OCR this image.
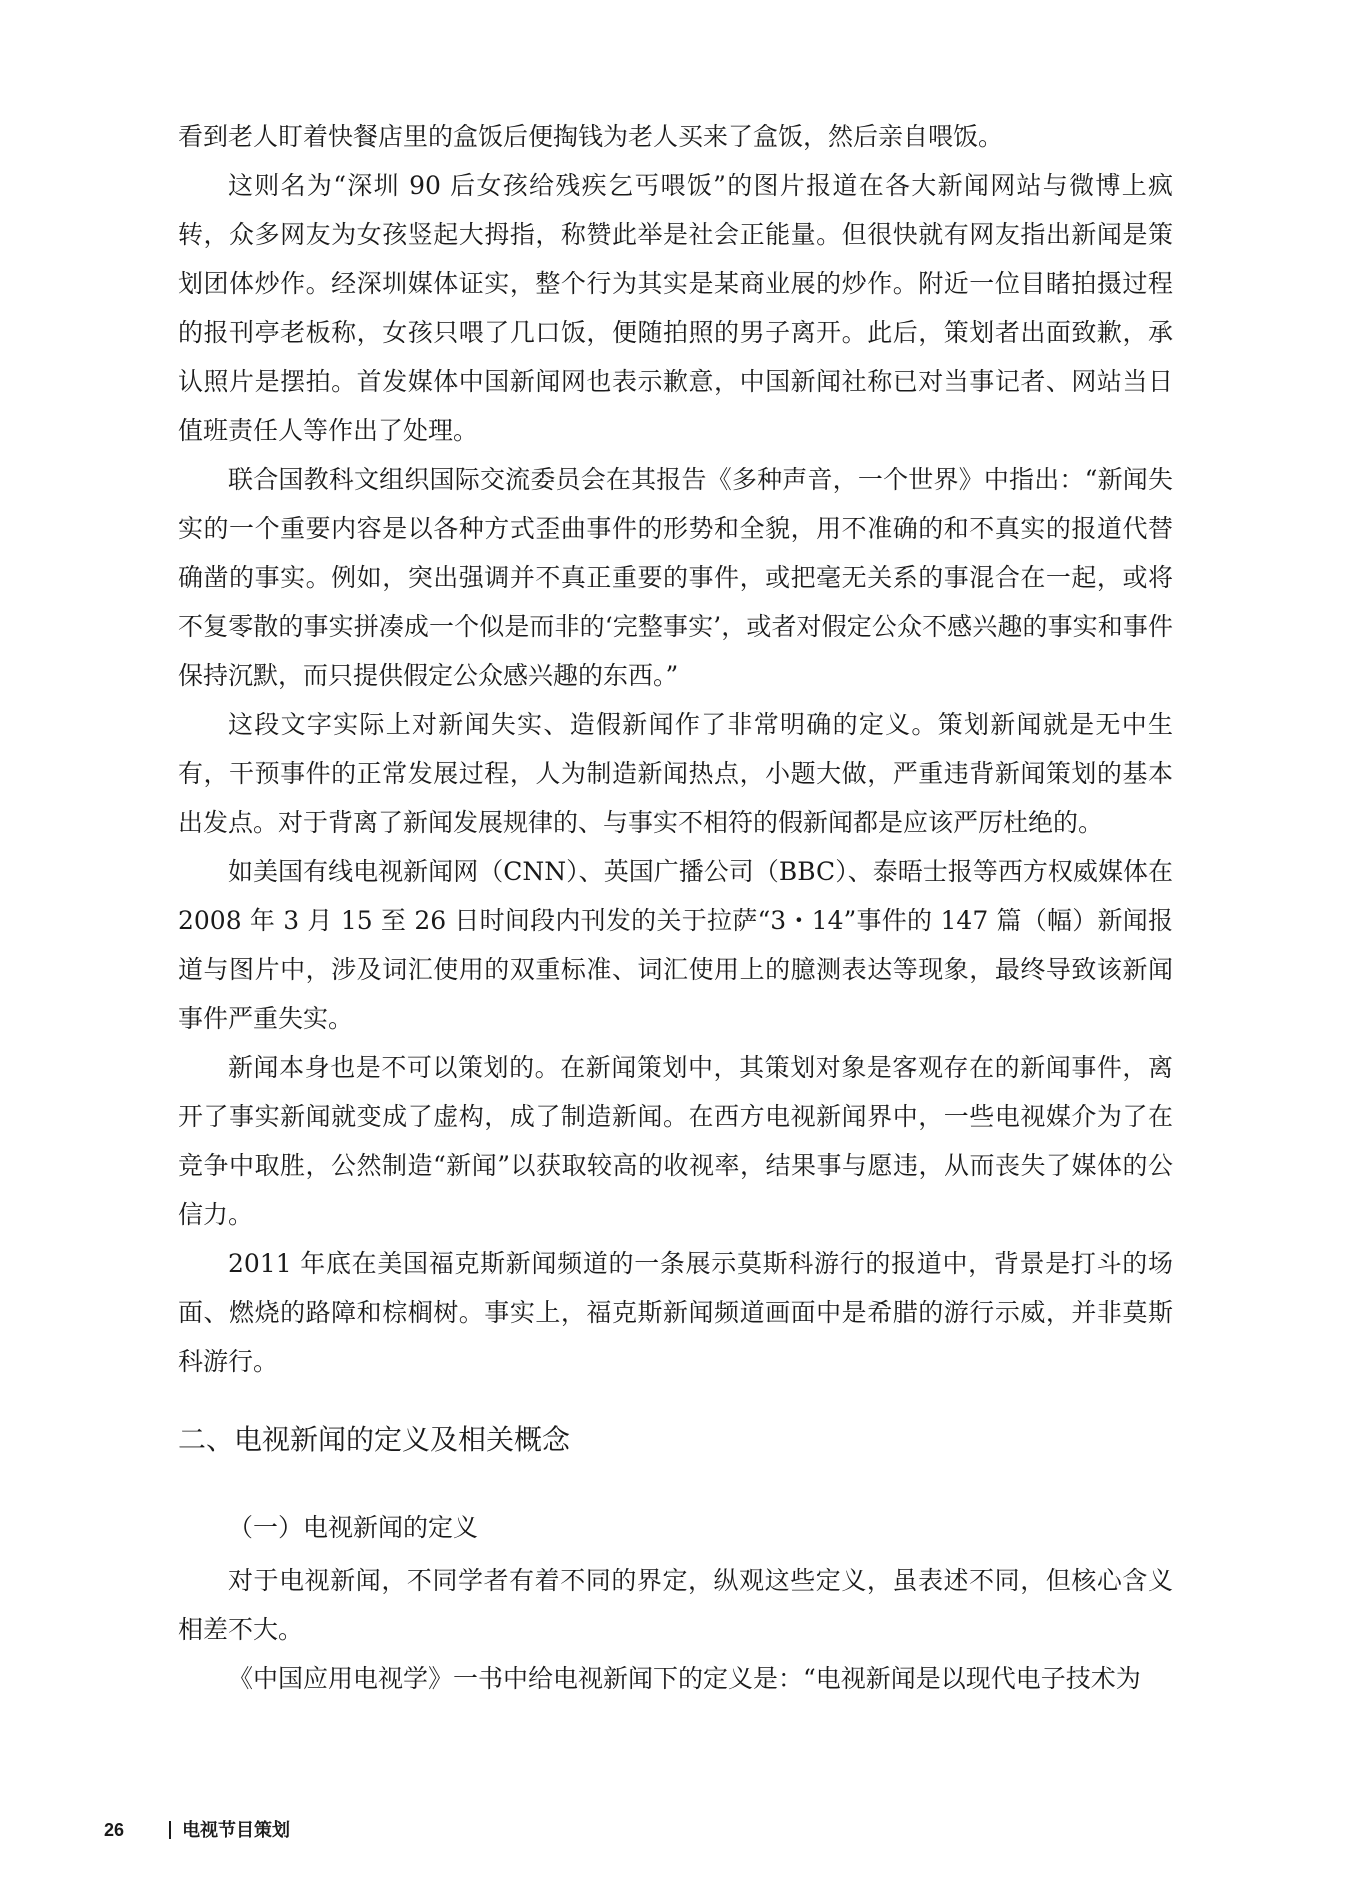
看到老人盯着快餐店里的盒饭后便掏钱为老人买来了盒饭，然后亲自喂饭。

这则名为“深圳 90 后女孩给残疾乞丐喂饭”的图片报道在各大新闻网站与微博上疯转，众多网友为女孩竖起大拇指，称赞此举是社会正能量。但很快就有网友指出新闻是策划团体炒作。经深圳媒体证实，整个行为其实是某商业展的炒作。附近一位目睹拍摄过程的报刊亭老板称，女孩只喂了几口饭，便随拍照的男子离开。此后，策划者出面致歉，承认照片是摆拍。首发媒体中国新闻网也表示歉意，中国新闻社称已对当事记者、网站当日值班责任人等作出了处理。

联合国教科文组织国际交流委员会在其报告《多种声音，一个世界》中指出：“新闻失实的一个重要内容是以各种方式歪曲事件的形势和全貌，用不准确的和不真实的报道代替确凿的事实。例如，突出强调并不真正重要的事件，或把毫无关系的事混合在一起，或将不复零散的事实拼凑成一个似是而非的‘完整事实’，或者对假定公众不感兴趣的事实和事件保持沉默，而只提供假定公众感兴趣的东西。”

这段文字实际上对新闻失实、造假新闻作了非常明确的定义。策划新闻就是无中生有，干预事件的正常发展过程，人为制造新闻热点，小题大做，严重违背新闻策划的基本出发点。对于背离了新闻发展规律的、与事实不相符的假新闻都是应该严厉杜绝的。

如美国有线电视新闻网（CNN）、英国广播公司（BBC）、泰晤士报等西方权威媒体在 2008 年 3 月 15 至 26 日时间段内刊发的关于拉萨“3・14”事件的 147 篇（幅）新闻报道与图片中，涉及词汇使用的双重标准、词汇使用上的臆测表达等现象，最终导致该新闻事件严重失实。

新闻本身也是不可以策划的。在新闻策划中，其策划对象是客观存在的新闻事件，离开了事实新闻就变成了虚构，成了制造新闻。在西方电视新闻界中，一些电视媒介为了在竞争中取胜，公然制造“新闻”以获取较高的收视率，结果事与愿违，从而丧失了媒体的公信力。

2011 年底在美国福克斯新闻频道的一条展示莫斯科游行的报道中，背景是打斗的场面、燃烧的路障和棕榈树。事实上，福克斯新闻频道画面中是希腊的游行示威，并非莫斯科游行。

二、电视新闻的定义及相关概念
（一）电视新闻的定义

对于电视新闻，不同学者有着不同的界定，纵观这些定义，虽表述不同，但核心含义相差不大。

《中国应用电视学》一书中给电视新闻下的定义是：“电视新闻是以现代电子技术为

26	电视节目策划
